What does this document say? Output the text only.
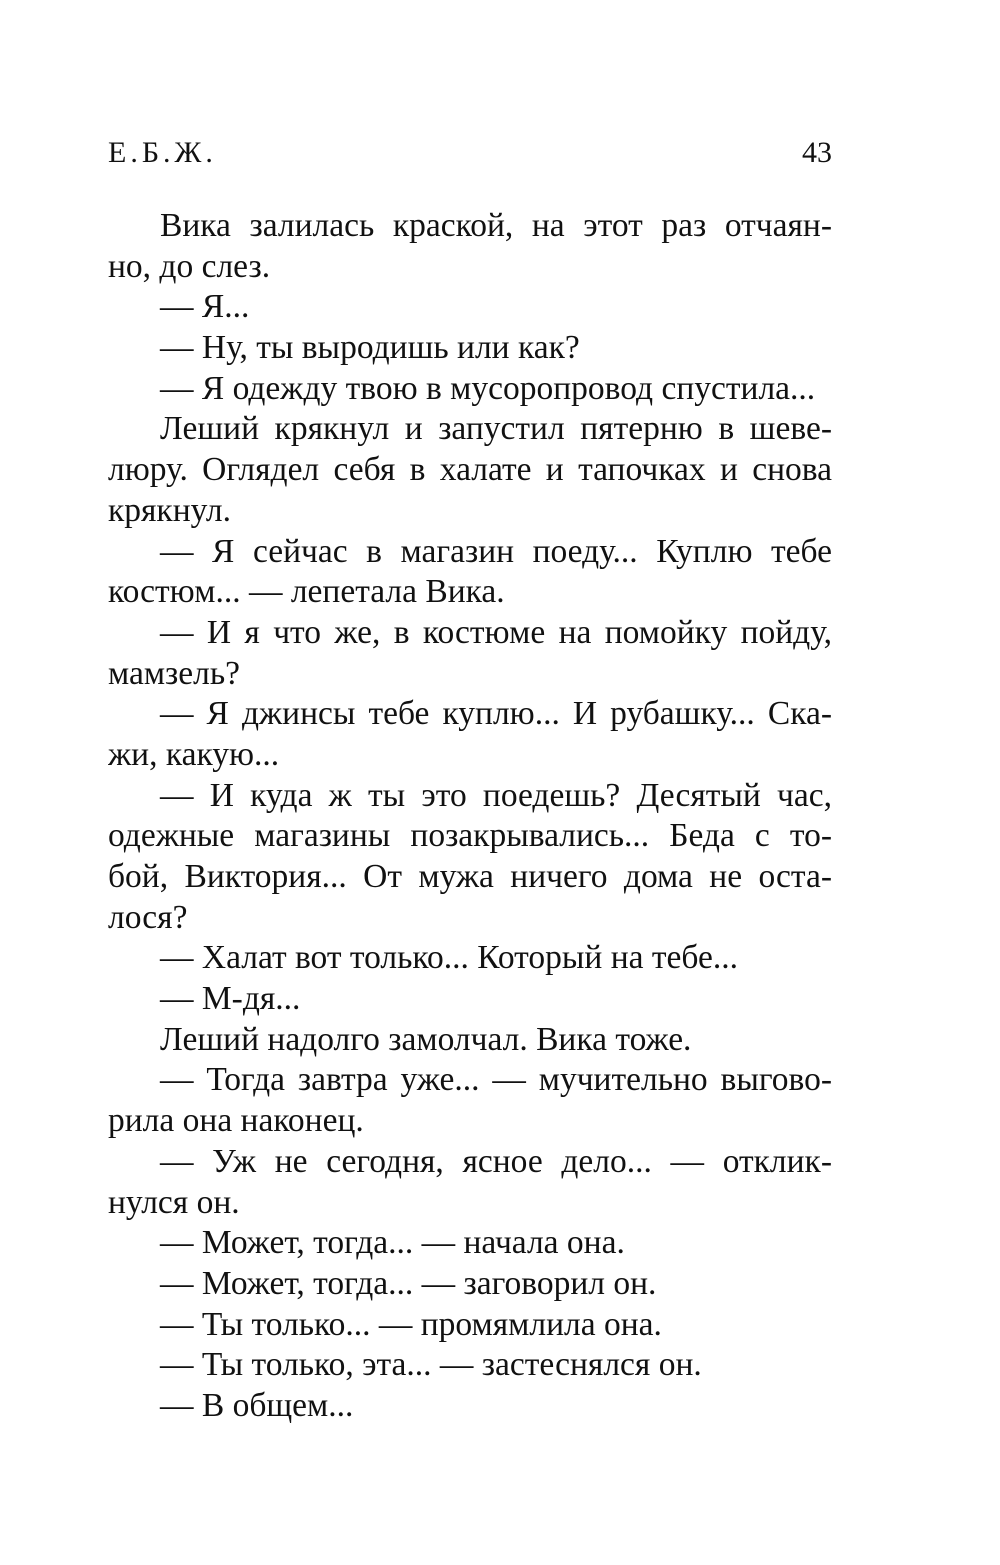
Е.Б.Ж.	43
Вика залилась краской, на этот раз отчаян-
но, до слез.
— Я...
— Ну, ты выродишь или как?
— Я одежду твою в мусоропровод спустила...
Леший крякнул и запустил пятерню в шеве-
люру. Оглядел себя в халате и тапочках и снова
крякнул.
— Я сейчас в магазин поеду... Куплю тебе
костюм... — лепетала Вика.
— И я что же, в костюме на помойку пойду,
мамзель?
— Я джинсы тебе куплю... И рубашку... Ска-
жи, какую...
— И куда ж ты это поедешь? Десятый час,
одежные магазины позакрывались... Беда с то-
бой, Виктория... От мужа ничего дома не оста-
лося?
— Халат вот только... Который на тебе...
— М-дя...
Леший надолго замолчал. Вика тоже.
— Тогда завтра уже... — мучительно выгово-
рила она наконец.
— Уж не сегодня, ясное дело... — отклик-
нулся он.
— Может, тогда... — начала она.
— Может, тогда... — заговорил он.
— Ты только... — промямлила она.
— Ты только, эта... — застеснялся он.
— В общем...
